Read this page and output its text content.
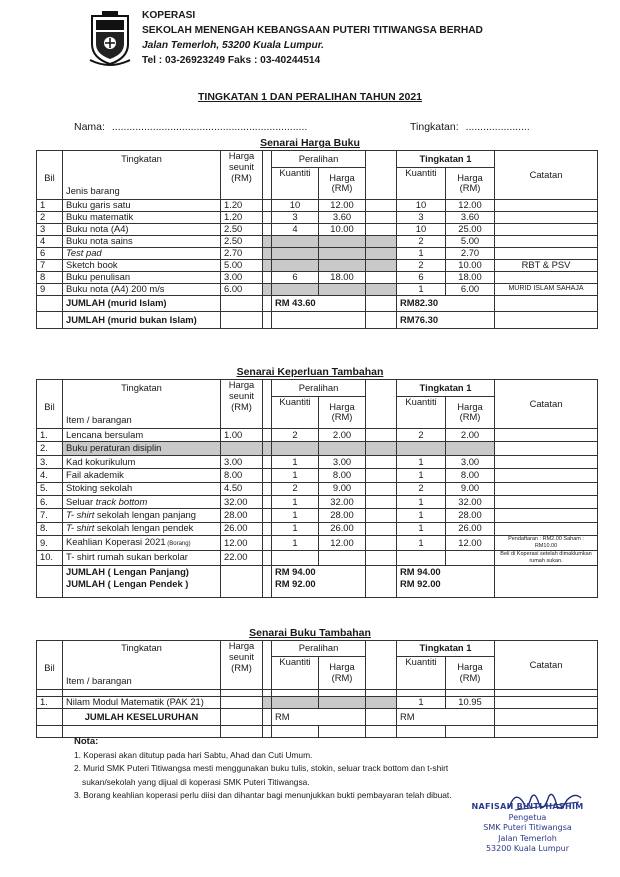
KOPERASI
SEKOLAH MENENGAH KEBANGSAAN PUTERI TITIWANGSA BERHAD
Jalan Temerloh, 53200 Kuala Lumpur.
Tel : 03-26923249 Faks : 03-40244514
TINGKATAN 1 DAN PERALIHAN TAHUN 2021
Nama: ...................................................................	Tingkatan: ......................
Senarai Harga Buku
	Tingkatan	Harga seunit (RM)		Peralihan			Tingkatan 1		Catatan
Bil				Kuantiti	Harga (RM)		Kuantiti	Harga (RM)	
	Jenis barang								
1	Buku garis satu	1.20		10	12.00		10	12.00	
2	Buku matematik	1.20		3	3.60		3	3.60	
3	Buku nota (A4)	2.50		4	10.00		10	25.00	
4	Buku nota sains	2.50					2	5.00	
6	Test pad	2.70					1	2.70	
7	Sketch book	5.00					2	10.00	RBT & PSV
8	Buku penulisan	3.00		6	18.00		6	18.00	
9	Buku nota (A4) 200 m/s	6.00					1	6.00	MURID ISLAM SAHAJA
	JUMLAH (murid Islam)			RM 43.60			RM82.30		
	JUMLAH (murid bukan Islam)						RM76.30		
Senarai Keperluan Tambahan
	Tingkatan	Harga seunit (RM)		Peralihan			Tingkatan 1		Catatan
Bil				Kuantiti	Harga (RM)		Kuantiti	Harga (RM)	
	Item / barangan								
1.	Lencana bersulam	1.00		2	2.00		2	2.00	
2.	Buku peraturan disiplin								
3.	Kad kokurikulum	3.00		1	3.00		1	3.00	
4.	Fail akademik	8.00		1	8.00		1	8.00	
5.	Stoking sekolah	4.50		2	9.00		2	9.00	
6.	Seluar track bottom	32.00		1	32.00		1	32.00	
7.	T- shirt sekolah lengan panjang	28.00		1	28.00		1	28.00	
8.	T- shirt sekolah lengan pendek	26.00		1	26.00		1	26.00	
9.	Keahlian Koperasi 2021 (Borang)	12.00		1	12.00		1	12.00	Pendaftaran : RM2.00 Saham : RM10.00
10.	T- shirt rumah sukan berkolar	22.00							Beli di Koperasi setelah dimaklumkan rumah sukan.
	JUMLAH ( Lengan Panjang)			RM 94.00			RM 94.00		
	JUMLAH ( Lengan Pendek )			RM 92.00			RM 92.00		
Senarai Buku Tambahan
	Tingkatan	Harga seunit (RM)		Peralihan			Tingkatan 1		Catatan
Bil				Kuantiti	Harga (RM)		Kuantiti	Harga (RM)	
	Item / barangan								

1.	Nilam Modul Matematik (PAK 21)						1	10.95	
	JUMLAH KESELURUHAN			RM			RM		

Nota:
1. Koperasi akan ditutup pada hari Sabtu, Ahad dan Cuti Umum.
2. Murid SMK Puteri Titiwangsa mesti menggunakan buku tulis, stokin, seluar track bottom dan t-shirt
sukan/sekolah yang dijual di koperasi SMK Puteri Titiwangsa.
3. Borang keahlian koperasi perlu diisi dan dihantar bagi menunjukkan bukti pembayaran telah dibuat.
NAFISAH BINTI HASHIM
Pengetua
SMK Puteri Titiwangsa
Jalan Temerloh
53200 Kuala Lumpur
